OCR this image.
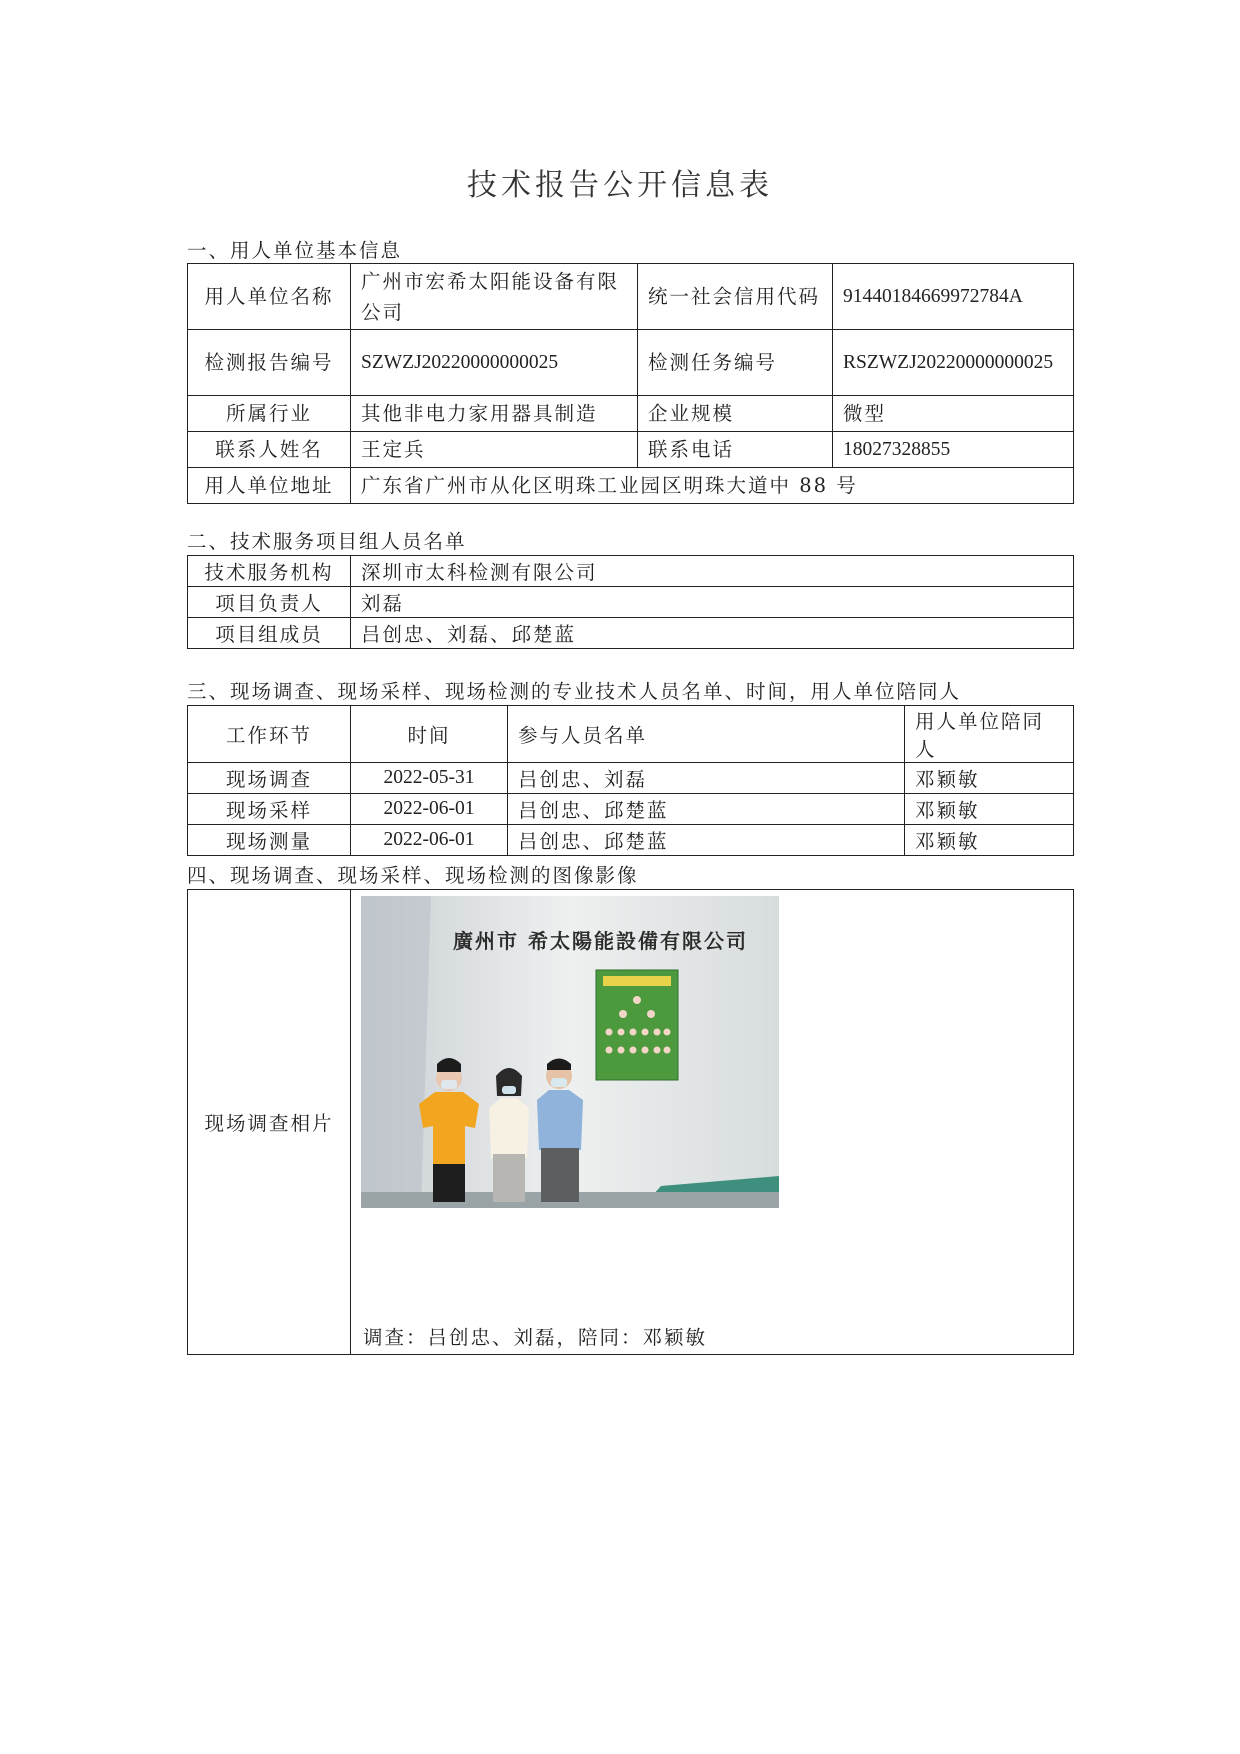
技术报告公开信息表
一、用人单位基本信息
用人单位名称	广州市宏希太阳能设备有限公司	统一社会信用代码	91440184669972784A
检测报告编号	SZWZJ20220000000025	检测任务编号	RSZWZJ20220000000025
所属行业	其他非电力家用器具制造	企业规模	微型
联系人姓名	王定兵	联系电话	18027328855
用人单位地址	广东省广州市从化区明珠工业园区明珠大道中 88 号		
二、技术服务项目组人员名单
技术服务机构	深圳市太科检测有限公司
项目负责人	刘磊
项目组成员	吕创忠、刘磊、邱楚蓝
三、现场调查、现场采样、现场检测的专业技术人员名单、时间，用人单位陪同人
工作环节	时间	参与人员名单	用人单位陪同人
现场调查	2022-05-31	吕创忠、刘磊	邓颖敏
现场采样	2022-06-01	吕创忠、邱楚蓝	邓颖敏
现场测量	2022-06-01	吕创忠、邱楚蓝	邓颖敏
四、现场调查、现场采样、现场检测的图像影像
现场调查相片	
廣州市 希太陽能設備有限公司
调查：吕创忠、刘磊，陪同：邓颖敏
